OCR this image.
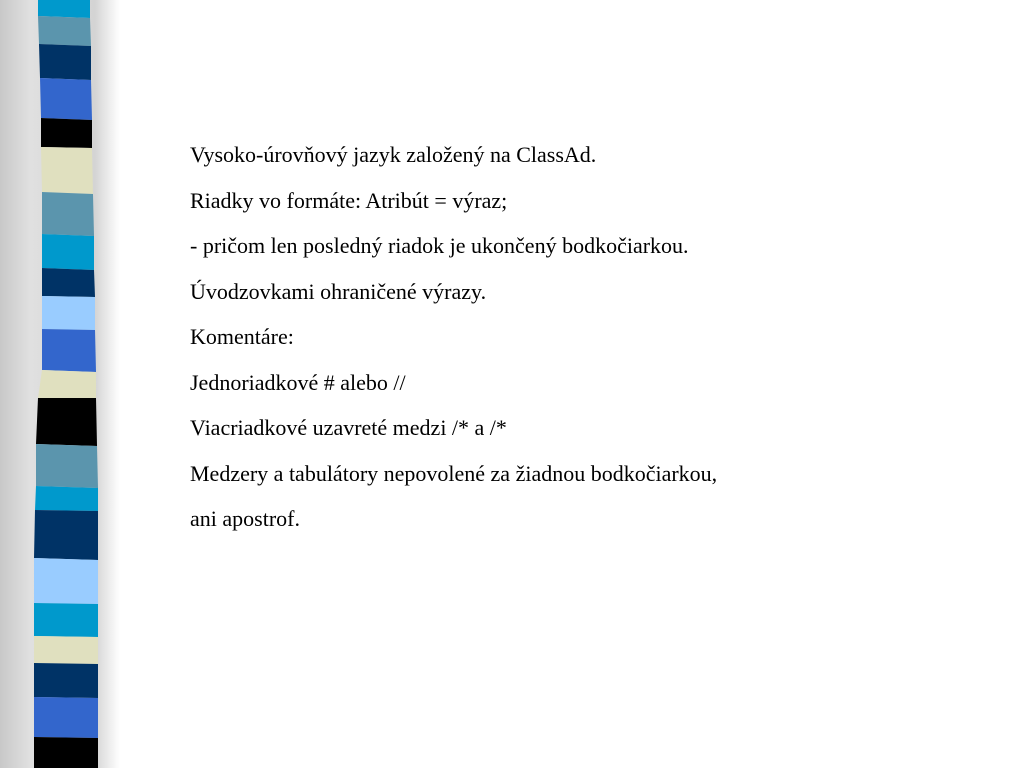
Vysoko-úrovňový jazyk založený na ClassAd.
Riadky vo formáte: Atribút = výraz;
- pričom len posledný riadok je ukončený bodkočiarkou.
Úvodzovkami ohraničené výrazy.
Komentáre:
Jednoriadkové # alebo //
Viacriadkové uzavreté medzi /* a /*
Medzery a tabulátory nepovolené za žiadnou bodkočiarkou,
ani apostrof.
